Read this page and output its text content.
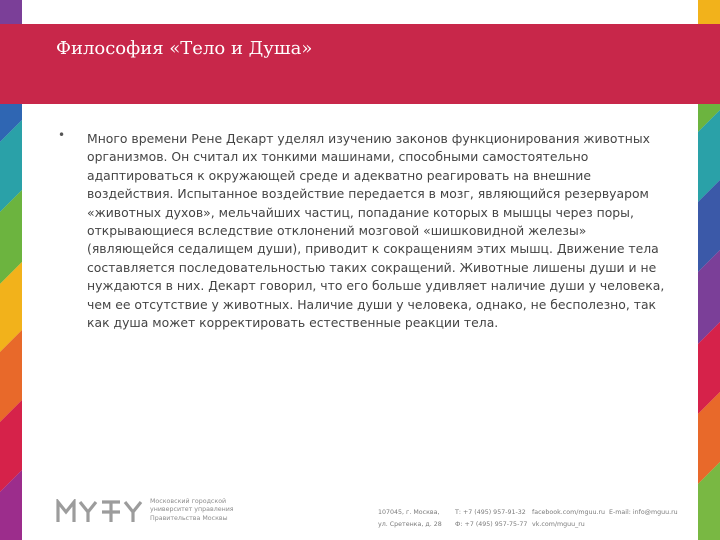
Философия «Тело и Душа»
• Много времени Рене Декарт уделял изучению законов функционирования животных организмов. Он считал их тонкими машинами, способными самостоятельно адаптироваться к окружающей среде и адекватно реагировать на внешние воздействия. Испытанное воздействие передается в мозг, являющийся резервуаром «животных духов», мельчайших частиц, попадание которых в мышцы через поры, открывающиеся вследствие отклонений мозговой «шишковидной железы» (являющейся седалищем души), приводит к сокращениям этих мышц. Движение тела составляется последовательностью таких сокращений. Животные лишены души и не нуждаются в них. Декарт говорил, что его больше удивляет наличие души у человека, чем ее отсутствие у животных. Наличие души у человека, однако, не бесполезно, так как душа может корректировать естественные реакции тела.

Московский городской
университет управления
Правительства Москвы
107045, г. Москва,
ул. Сретенка, д. 28
Т: +7 (495) 957-91-32
Ф: +7 (495) 957-75-77
facebook.com/mguu.ru
vk.com/mguu_ru
E-mail: info@mguu.ru
